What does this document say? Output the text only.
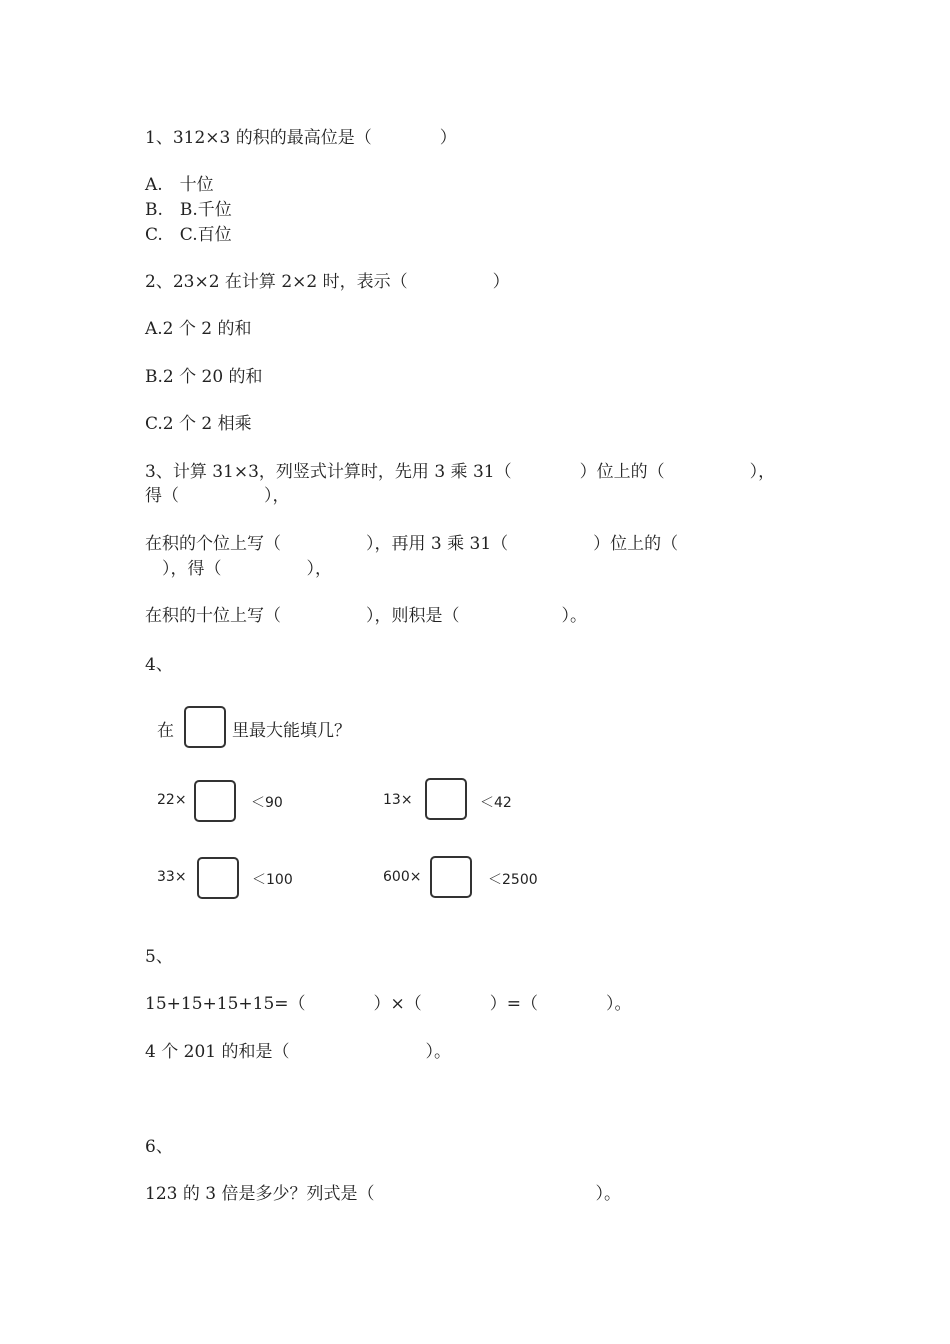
1、312×3 的积的最高位是（　　　　）
A.　十位
B.　B.千位
C.　C.百位
2、23×2 在计算 2×2 时，表示（　　　　　）
A.2 个 2 的和
B.2 个 20 的和
C.2 个 2 相乘
3、计算 31×3，列竖式计算时，先用 3 乘 31（　　　　）位上的（　　　　　），
得（　　　　　），
在积的个位上写（　　　　　），再用 3 乘 31（　　　　　）位上的（
　），得（　　　　　），
在积的十位上写（　　　　　），则积是（　　　　　　）。
4、
在	里最大能填几？
22×	＜90	13×	＜42
33×	＜100	600×	＜2500
5、
15+15+15+15=（　　　　）×（　　　　）=（　　　　）。
4 个 201 的和是（　　　　　　　　）。
6、
123 的 3 倍是多少？列式是（　　　　　　　　　　　　　）。
